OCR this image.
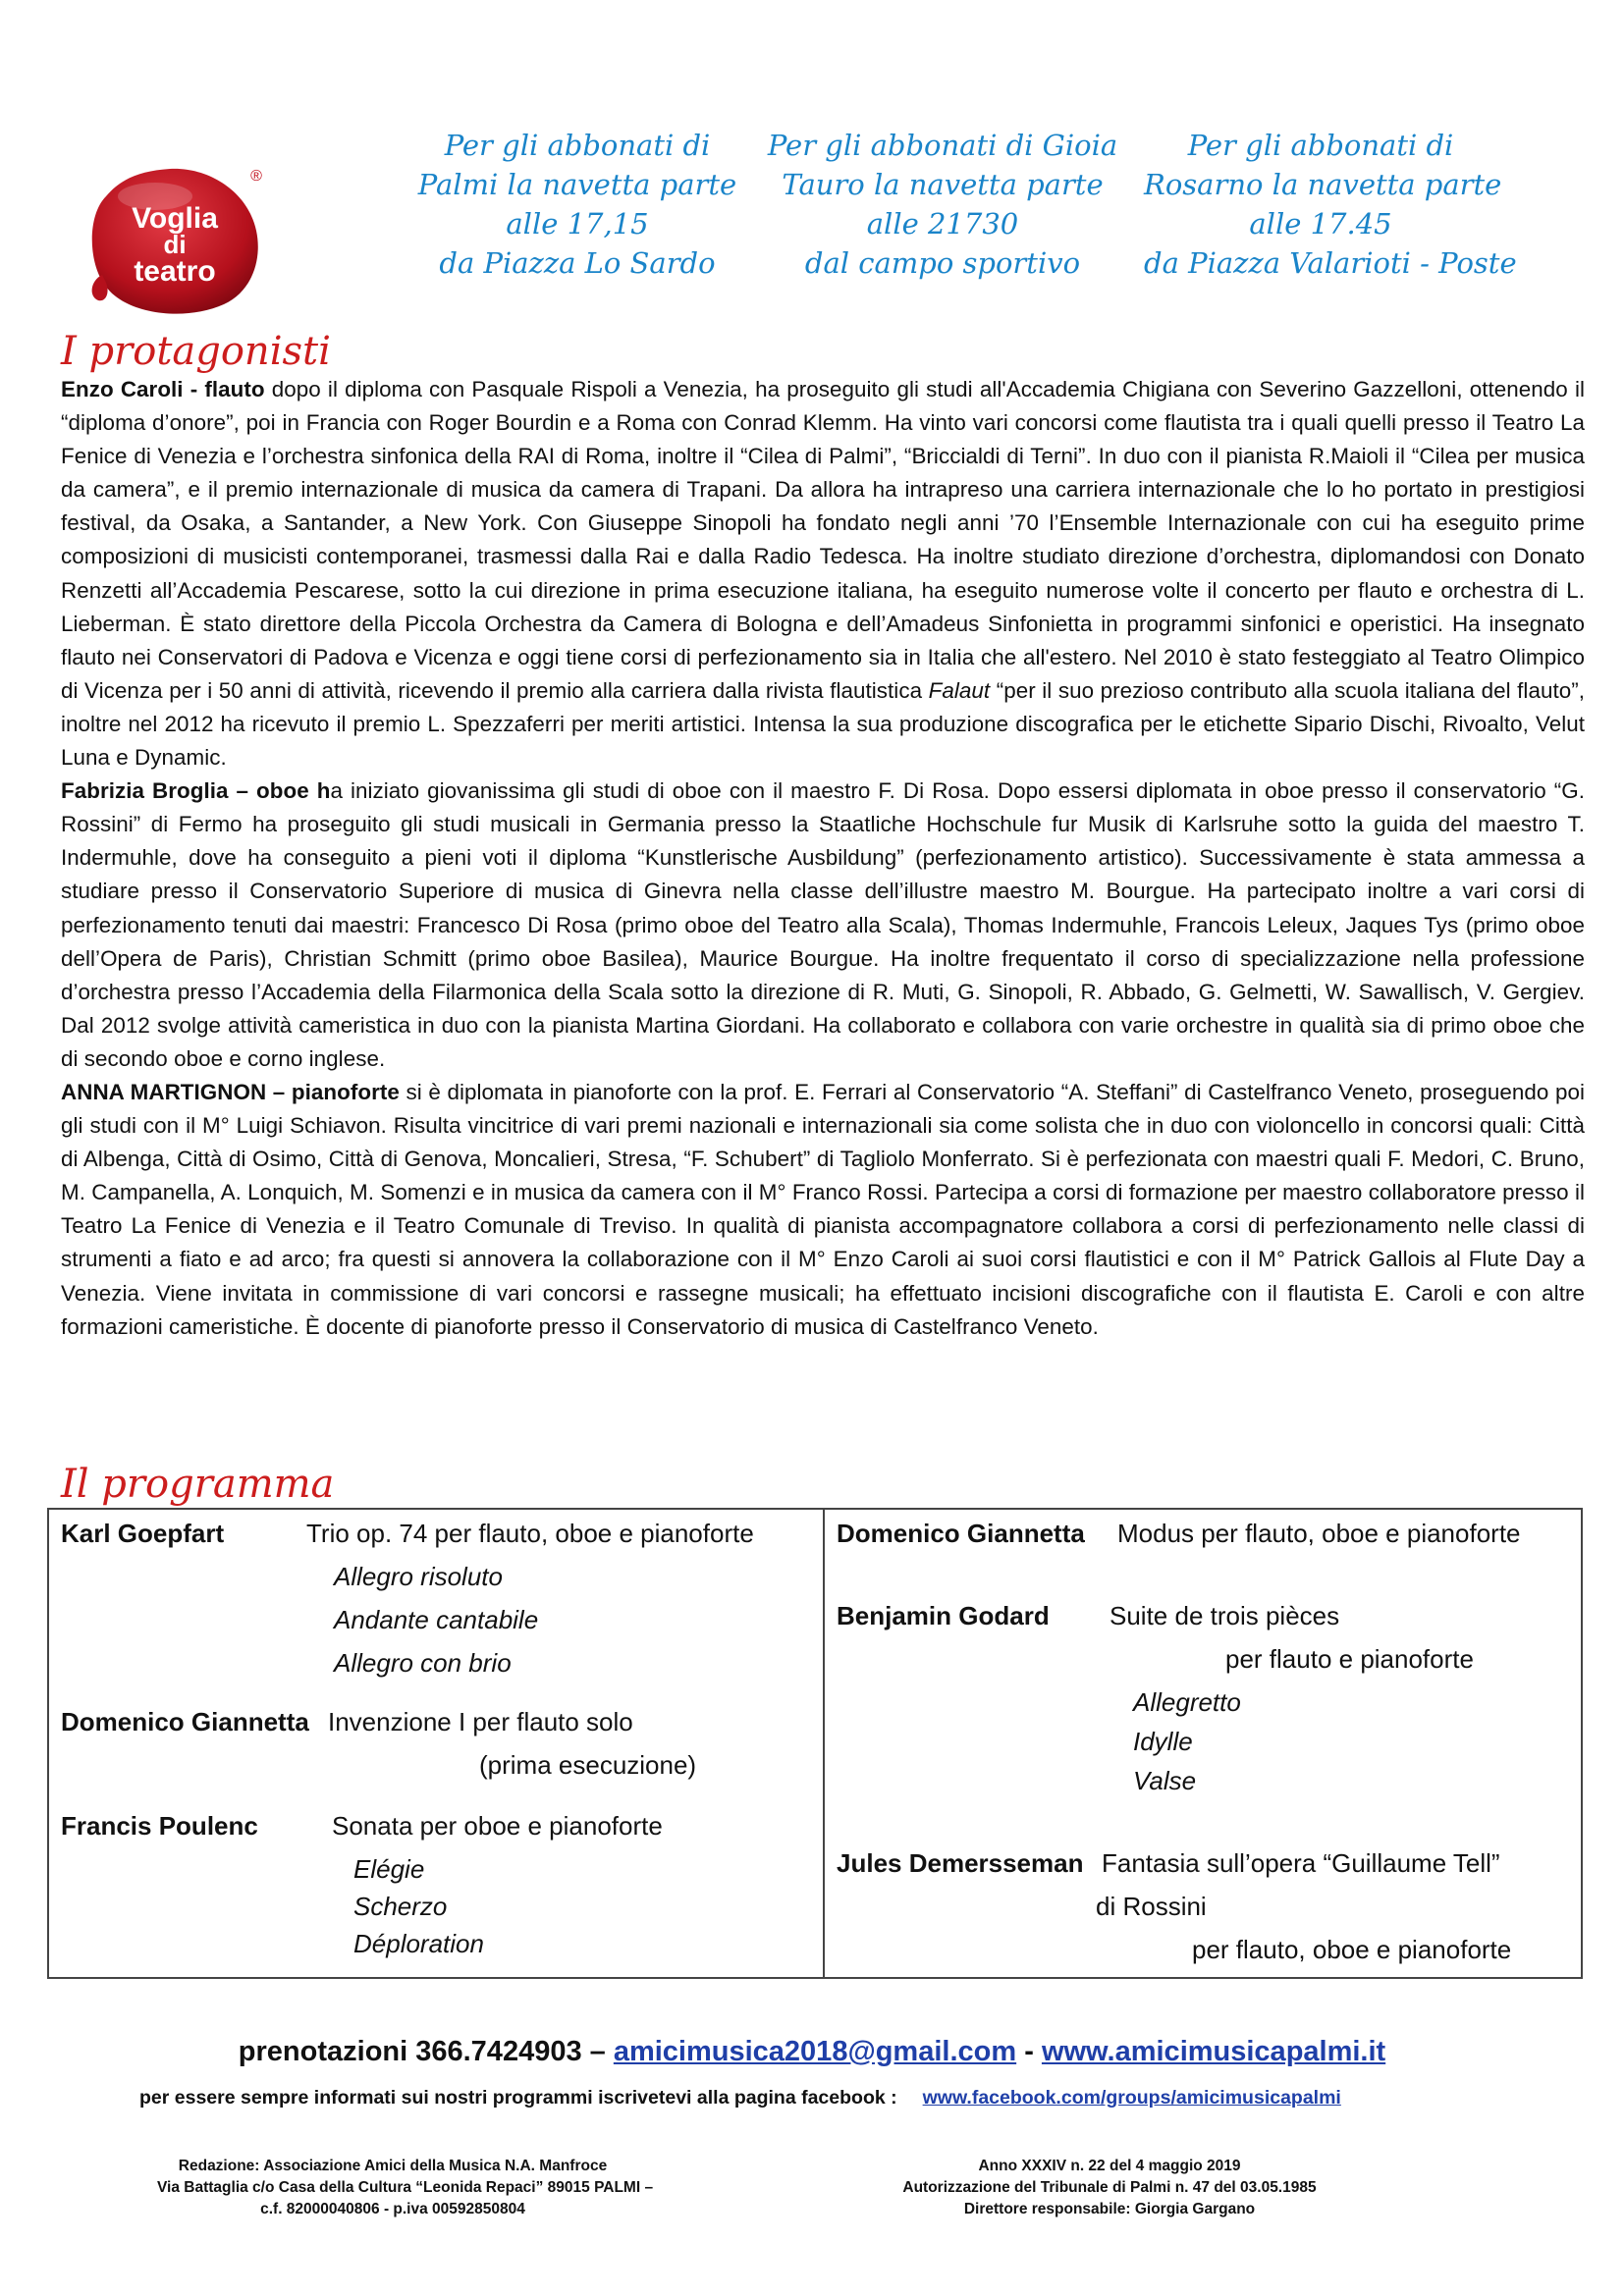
Voglia
di
teatro
®
Per gli abbonati di
Palmi la navetta parte
alle 17,15
da Piazza Lo Sardo
Per gli abbonati di Gioia
Tauro la navetta parte
alle 21730
dal campo sportivo
Per gli abbonati di
Rosarno la navetta parte
alle 17.45
da Piazza Valarioti - Poste
I protagonisti

Enzo Caroli - flauto dopo il diploma con Pasquale Rispoli a Venezia, ha proseguito gli studi all'Accademia Chigiana con Severino Gazzelloni, ottenendo il “diploma d’onore”, poi in Francia con Roger Bourdin e a Roma con Conrad Klemm. Ha vinto vari concorsi come flautista tra i quali quelli presso il Teatro La Fenice di Venezia e l’orchestra sinfonica della RAI di Roma, inoltre il “Cilea di Palmi”, “Briccialdi di Terni”. In duo con il pianista R.Maioli il “Cilea per musica da camera”, e il premio internazionale di musica da camera di Trapani. Da allora ha intrapreso una carriera internazionale che lo ho portato in prestigiosi festival, da Osaka, a Santander, a New York. Con Giuseppe Sinopoli ha fondato negli anni ’70 l’Ensemble Internazionale con cui ha eseguito prime composizioni di musicisti contemporanei, trasmessi dalla Rai e dalla Radio Tedesca. Ha inoltre studiato direzione d’orchestra, diplomandosi con Donato Renzetti all’Accademia Pescarese, sotto la cui direzione in prima esecuzione italiana, ha eseguito numerose volte il concerto per flauto e orchestra di L. Lieberman. È stato direttore della Piccola Orchestra da Camera di Bologna e dell’Amadeus Sinfonietta in programmi sinfonici e operistici. Ha insegnato flauto nei Conservatori di Padova e Vicenza e oggi tiene corsi di perfezionamento sia in Italia che all'estero. Nel 2010 è stato festeggiato al Teatro Olimpico di Vicenza per i 50 anni di attività, ricevendo il premio alla carriera dalla rivista flautistica Falaut “per il suo prezioso contributo alla scuola italiana del flauto”, inoltre nel 2012 ha ricevuto il premio L. Spezzaferri per meriti artistici. Intensa la sua produzione discografica per le etichette Sipario Dischi, Rivoalto, Velut Luna e Dynamic.

Fabrizia Broglia – oboe ha iniziato giovanissima gli studi di oboe con il maestro F. Di Rosa. Dopo essersi diplomata in oboe presso il conservatorio “G. Rossini” di Fermo ha proseguito gli studi musicali in Germania presso la Staatliche Hochschule fur Musik di Karlsruhe sotto la guida del maestro T. Indermuhle, dove ha conseguito a pieni voti il diploma “Kunstlerische Ausbildung” (perfezionamento artistico). Successivamente è stata ammessa a studiare presso il Conservatorio Superiore di musica di Ginevra nella classe dell’illustre maestro M. Bourgue. Ha partecipato inoltre a vari corsi di perfezionamento tenuti dai maestri: Francesco Di Rosa (primo oboe del Teatro alla Scala), Thomas Indermuhle, Francois Leleux, Jaques Tys (primo oboe dell’Opera de Paris), Christian Schmitt (primo oboe Basilea), Maurice Bourgue. Ha inoltre frequentato il corso di specializzazione nella professione d’orchestra presso l’Accademia della Filarmonica della Scala sotto la direzione di R. Muti, G. Sinopoli, R. Abbado, G. Gelmetti, W. Sawallisch, V. Gergiev. Dal 2012 svolge attività cameristica in duo con la pianista Martina Giordani. Ha collaborato e collabora con varie orchestre in qualità sia di primo oboe che di secondo oboe e corno inglese.

ANNA MARTIGNON – pianoforte si è diplomata in pianoforte con la prof. E. Ferrari al Conservatorio “A. Steffani” di Castelfranco Veneto, proseguendo poi gli studi con il M° Luigi Schiavon. Risulta vincitrice di vari premi nazionali e internazionali sia come solista che in duo con violoncello in concorsi quali: Città di Albenga, Città di Osimo, Città di Genova, Moncalieri, Stresa, “F. Schubert” di Tagliolo Monferrato. Si è perfezionata con maestri quali F. Medori, C. Bruno, M. Campanella, A. Lonquich, M. Somenzi e in musica da camera con il M° Franco Rossi. Partecipa a corsi di formazione per maestro collaboratore presso il Teatro La Fenice di Venezia e il Teatro Comunale di Treviso. In qualità di pianista accompagnatore collabora a corsi di perfezionamento nelle classi di strumenti a fiato e ad arco; fra questi si annovera la collaborazione con il M° Enzo Caroli ai suoi corsi flautistici e con il M° Patrick Gallois al Flute Day a Venezia. Viene invitata in commissione di vari concorsi e rassegne musicali; ha effettuato incisioni discografiche con il flautista E. Caroli e con altre formazioni cameristiche. È docente di pianoforte presso il Conservatorio di musica di Castelfranco Veneto.

Il programma
Karl Goepfart	Trio op. 74 per flauto, oboe e pianoforte
Allegro risoluto
Andante cantabile
Allegro con brio
Domenico Giannetta Invenzione I per flauto solo
(prima esecuzione)
Francis Poulenc	Sonata per oboe e pianoforte
Elégie
Scherzo
Déploration
Domenico Giannetta Modus per flauto, oboe e pianoforte
Benjamin Godard Suite de trois pièces
per flauto e pianoforte
Allegretto
Idylle
Valse
Jules Demersseman Fantasia sull’opera “Guillaume Tell”
di Rossini
per flauto, oboe e pianoforte
prenotazioni 366.7424903 – amicimusica2018@gmail.com - www.amicimusicapalmi.it
per essere sempre informati sui nostri programmi iscrivetevi alla pagina facebook : www.facebook.com/groups/amicimusicapalmi
Redazione: Associazione Amici della Musica N.A. Manfroce
Via Battaglia c/o Casa della Cultura “Leonida Repaci” 89015 PALMI –
c.f. 82000040806 - p.iva 00592850804
Anno XXXIV n. 22 del 4 maggio 2019
Autorizzazione del Tribunale di Palmi n. 47 del 03.05.1985
Direttore responsabile: Giorgia Gargano
